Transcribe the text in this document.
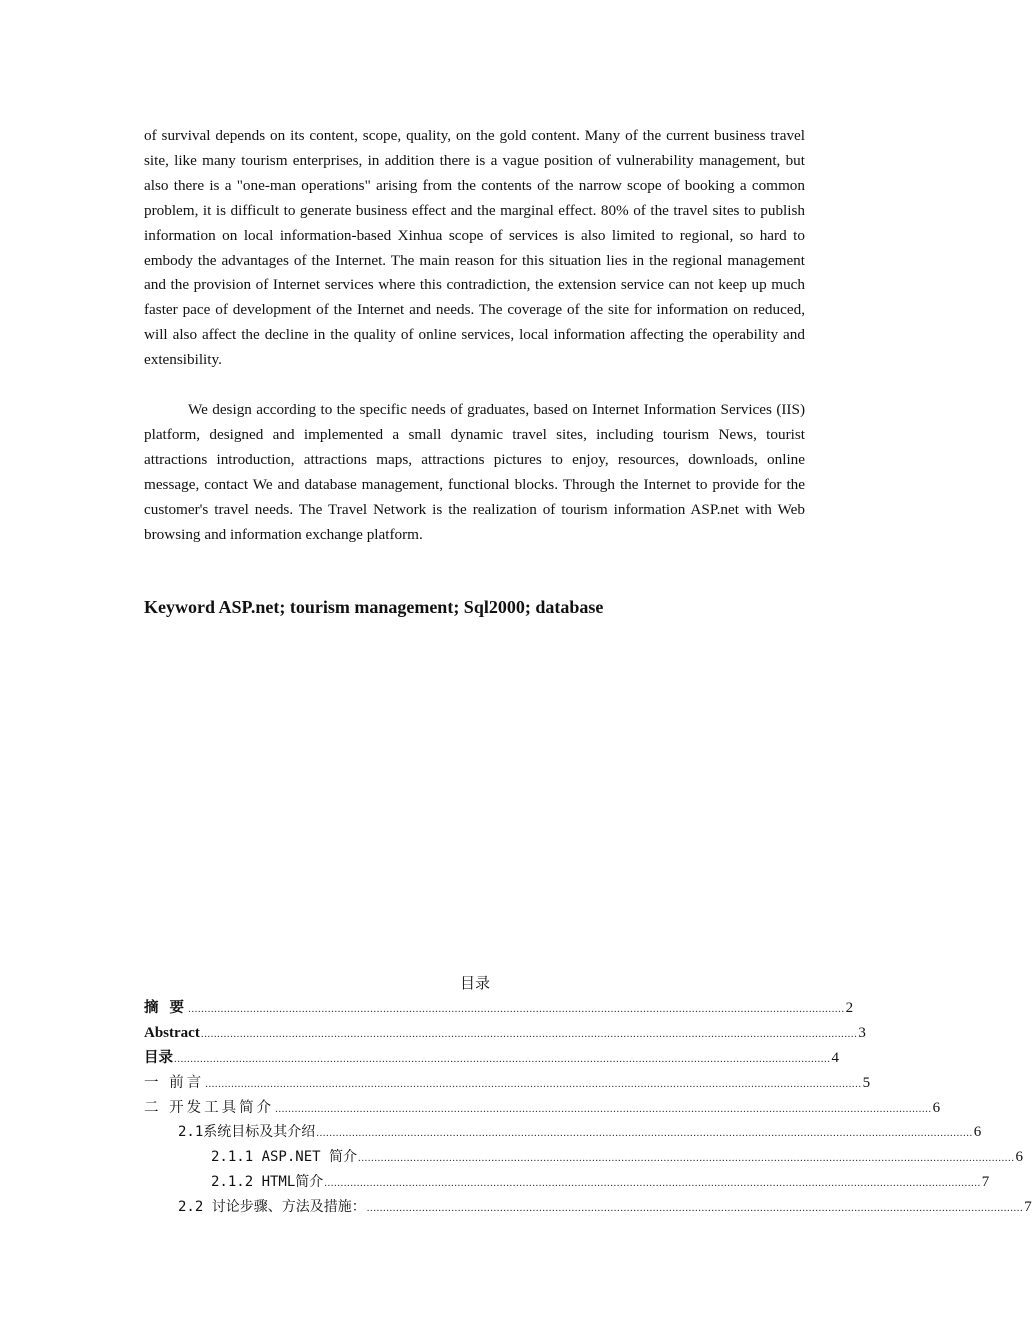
of survival depends on its content, scope, quality, on the gold content. Many of the current business travel site, like many tourism enterprises, in addition there is a vague position of vulnerability management, but also there is a "one-man operations" arising from the contents of the narrow scope of booking a common problem, it is difficult to generate business effect and the marginal effect. 80% of the travel sites to publish information on local information-based Xinhua scope of services is also limited to regional, so hard to embody the advantages of the Internet. The main reason for this situation lies in the regional management and the provision of Internet services where this contradiction, the extension service can not keep up much faster pace of development of the Internet and needs. The coverage of the site for information on reduced, will also affect the decline in the quality of online services, local information affecting the operability and extensibility.

We design according to the specific needs of graduates, based on Internet Information Services (IIS) platform, designed and implemented a small dynamic travel sites, including tourism News, tourist attractions introduction, attractions maps, attractions pictures to enjoy, resources, downloads, online message, contact We and database management, functional blocks. Through the Internet to provide for the customer's travel needs. The Travel Network is the realization of tourism information ASP.net with Web browsing and information exchange platform.

Keyword ASP.net; tourism management; Sql2000; database

目录
摘 要 .......................................................................................................................................................................................................... 2
Abstract .......................................................................................................................................................................................................... 3
目录 .......................................................................................................................................................................................................... 4
一 前言 .......................................................................................................................................................................................................... 5
二 开发工具简介 .......................................................................................................................................................................................................... 6
2.1系统目标及其介绍 .......................................................................................................................................................................................................... 6
2.1.1 ASP.NET 简介 .......................................................................................................................................................................................................... 6
2.1.2 HTML简介 .......................................................................................................................................................................................................... 7
2.2 讨论步骤、方法及措施： .......................................................................................................................................................................................................... 7
